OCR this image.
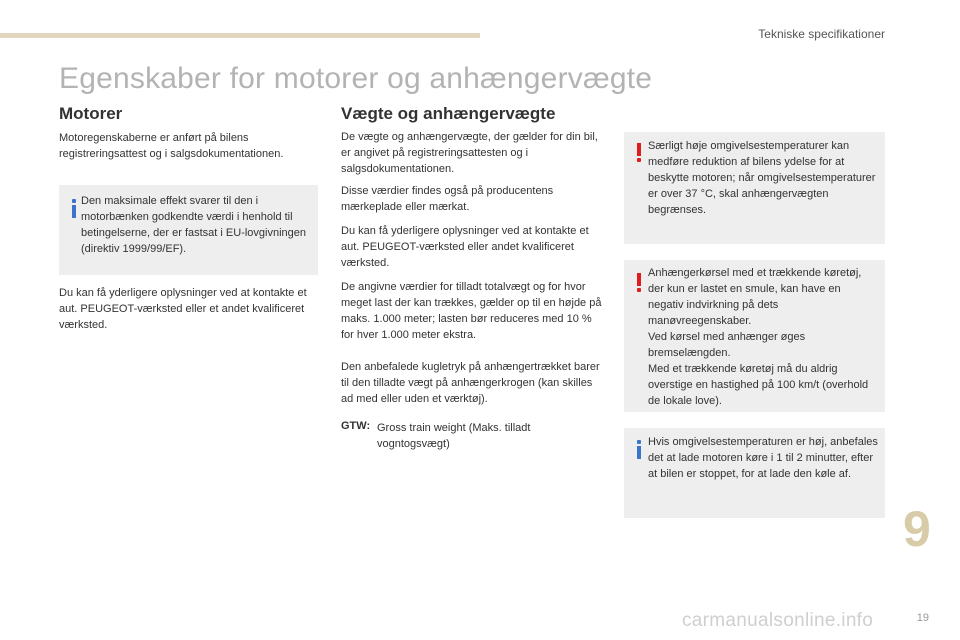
Tekniske specifikationer
Egenskaber for motorer og anhængervægte
Motorer

Motoregenskaberne er anført på bilens registreringsattest og i salgsdokumentationen.

Den maksimale effekt svarer til den i motorbænken godkendte værdi i henhold til betingelserne, der er fastsat i EU-lovgivningen (direktiv 1999/99/EF).

Du kan få yderligere oplysninger ved at kontakte et aut. PEUGEOT-værksted eller et andet kvalificeret værksted.

Vægte og anhængervægte

De vægte og anhængervægte, der gælder for din bil, er angivet på registreringsattesten og i salgsdokumentationen.

Disse værdier findes også på producentens mærkeplade eller mærkat.

Du kan få yderligere oplysninger ved at kontakte et aut. PEUGEOT-værksted eller andet kvalificeret værksted.

De angivne værdier for tilladt totalvægt og for hvor meget last der kan trækkes, gælder op til en højde på maks. 1.000 meter; lasten bør reduceres med 10 % for hver 1.000 meter ekstra.

Den anbefalede kugletryk på anhængertrækket barer til den tilladte vægt på anhængerkrogen (kan skilles ad med eller uden et værktøj).

GTW: Gross train weight (Maks. tilladt vogntogsvægt)

Særligt høje omgivelsestemperaturer kan medføre reduktion af bilens ydelse for at beskytte motoren; når omgivelsestemperaturer er over 37 °C, skal anhængervægten begrænses.

Anhængerkørsel med et trækkende køretøj, der kun er lastet en smule, kan have en negativ indvirkning på dets manøvreegenskaber.

Ved kørsel med anhænger øges bremselængden.

Med et trækkende køretøj må du aldrig overstige en hastighed på 100 km/t (overhold de lokale love).

Hvis omgivelsestemperaturen er høj, anbefales det at lade motoren køre i 1 til 2 minutter, efter at bilen er stoppet, for at lade den køle af.

9
carmanualsonline.info	19
